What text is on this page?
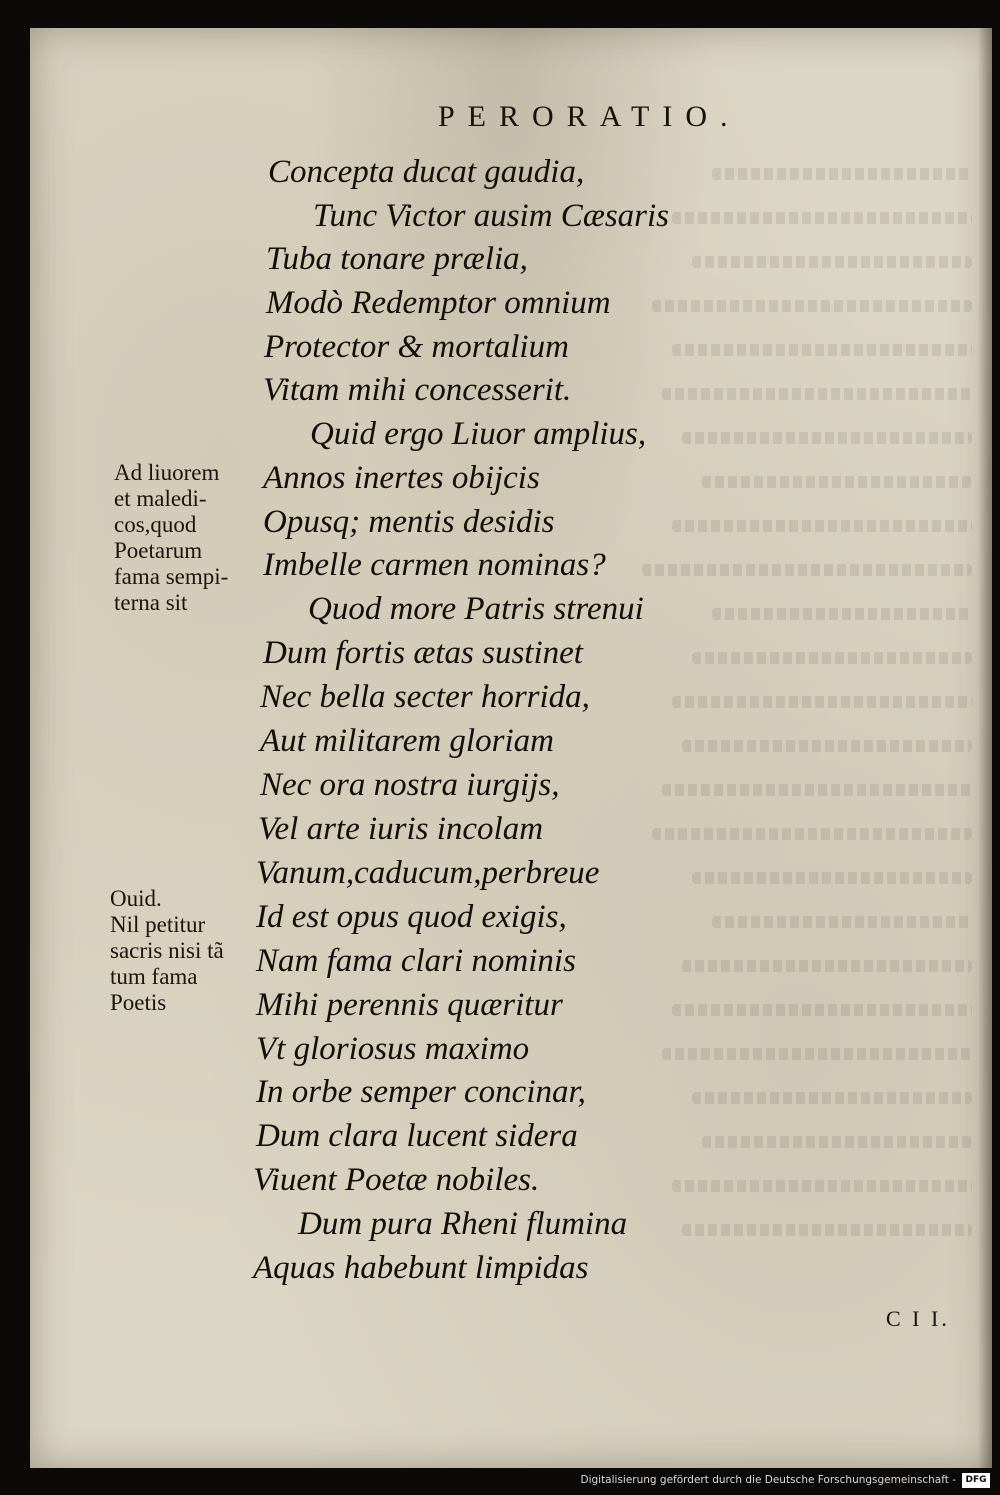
PERORATIO.
Concepta ducat gaudia,
Tunc Victor ausim Cæsaris
Tuba tonare prælia,
Modò Redemptor omnium
Protector & mortalium
Vitam mihi concesserit.
Quid ergo Liuor amplius,
Annos inertes obijcis
Opusq; mentis desidis
Imbelle carmen nominas?
Quod more Patris strenui
Dum fortis ætas sustinet
Nec bella secter horrida,
Aut militarem gloriam
Nec ora nostra iurgijs,
Vel arte iuris incolam
Vanum,caducum,perbreue
Id est opus quod exigis,
Nam fama clari nominis
Mihi perennis quæritur
Vt gloriosus maximo
In orbe semper concinar,
Dum clara lucent sidera
Viuent Poetæ nobiles.
Dum pura Rheni flumina
Aquas habebunt limpidas
Ad liuorem
et maledi-
cos,quod
Poetarum
fama sempi-
terna sit
Ouid.
Nil petitur
sacris nisi tã
tum fama
Poetis
C I I.
Digitalisierung gefördert durch die Deutsche Forschungsgemeinschaft -	DFG
